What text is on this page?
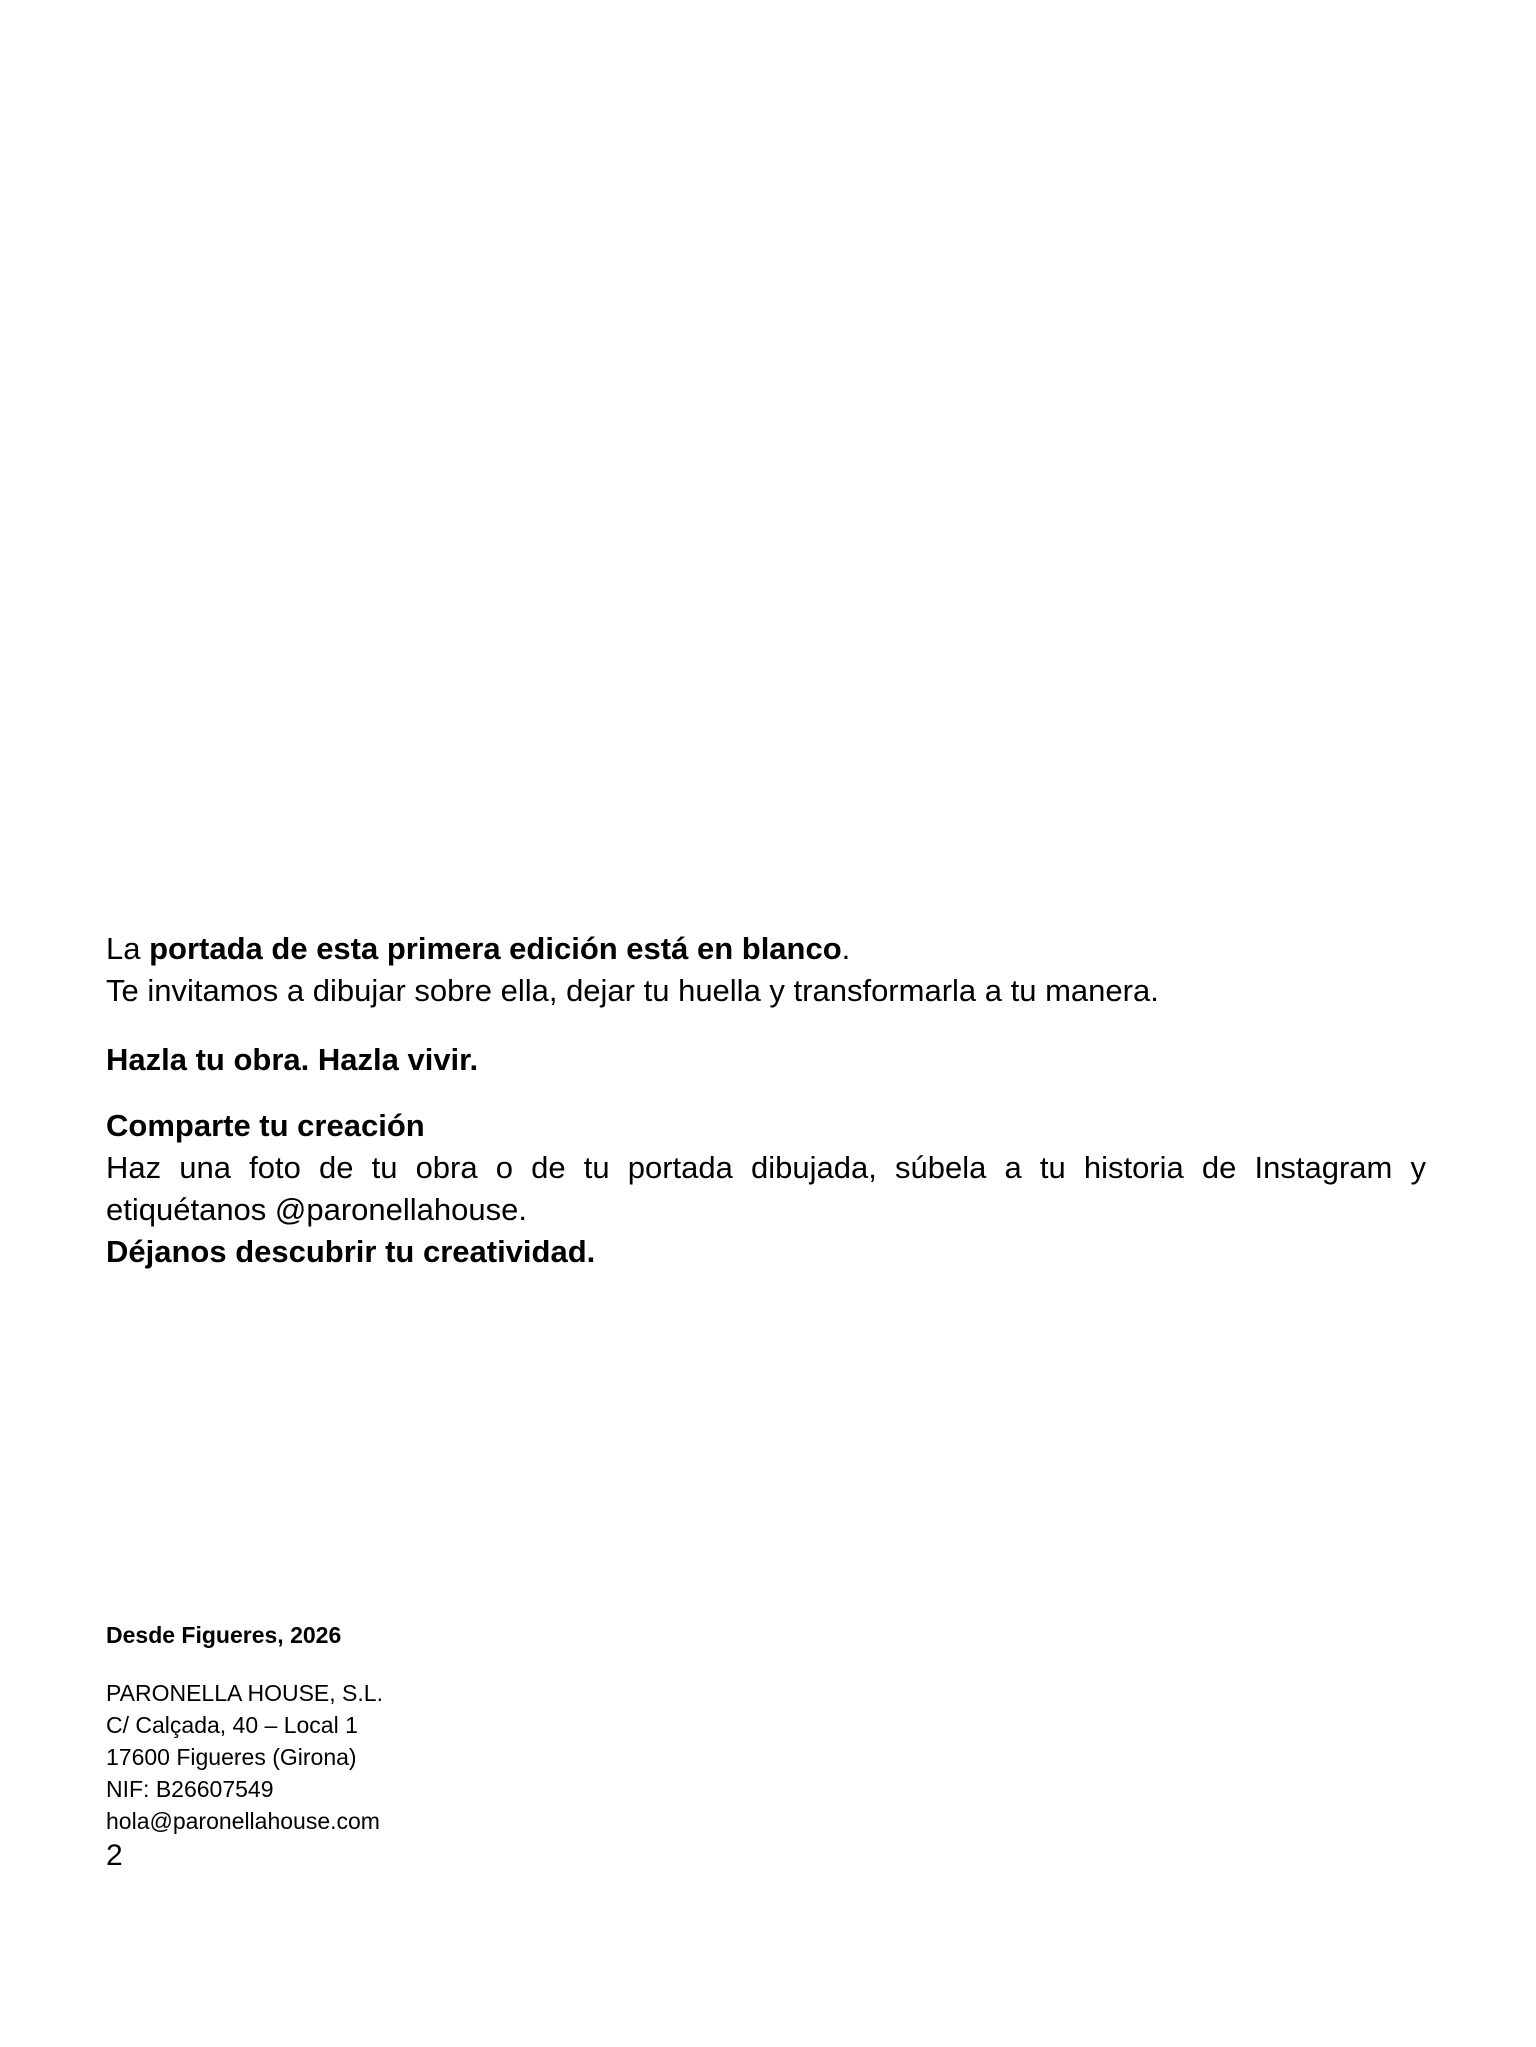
La portada de esta primera edición está en blanco.

Te invitamos a dibujar sobre ella, dejar tu huella y transformarla a tu manera.

Hazla tu obra. Hazla vivir.

Comparte tu creación

Haz una foto de tu obra o de tu portada dibujada, súbela a tu historia de Instagram y etiquétanos @paronellahouse.

Déjanos descubrir tu creatividad.

Desde Figueres, 2026

PARONELLA HOUSE, S.L.
C/ Calçada, 40 – Local 1
17600 Figueres (Girona)
NIF: B26607549
hola@paronellahouse.com
2
